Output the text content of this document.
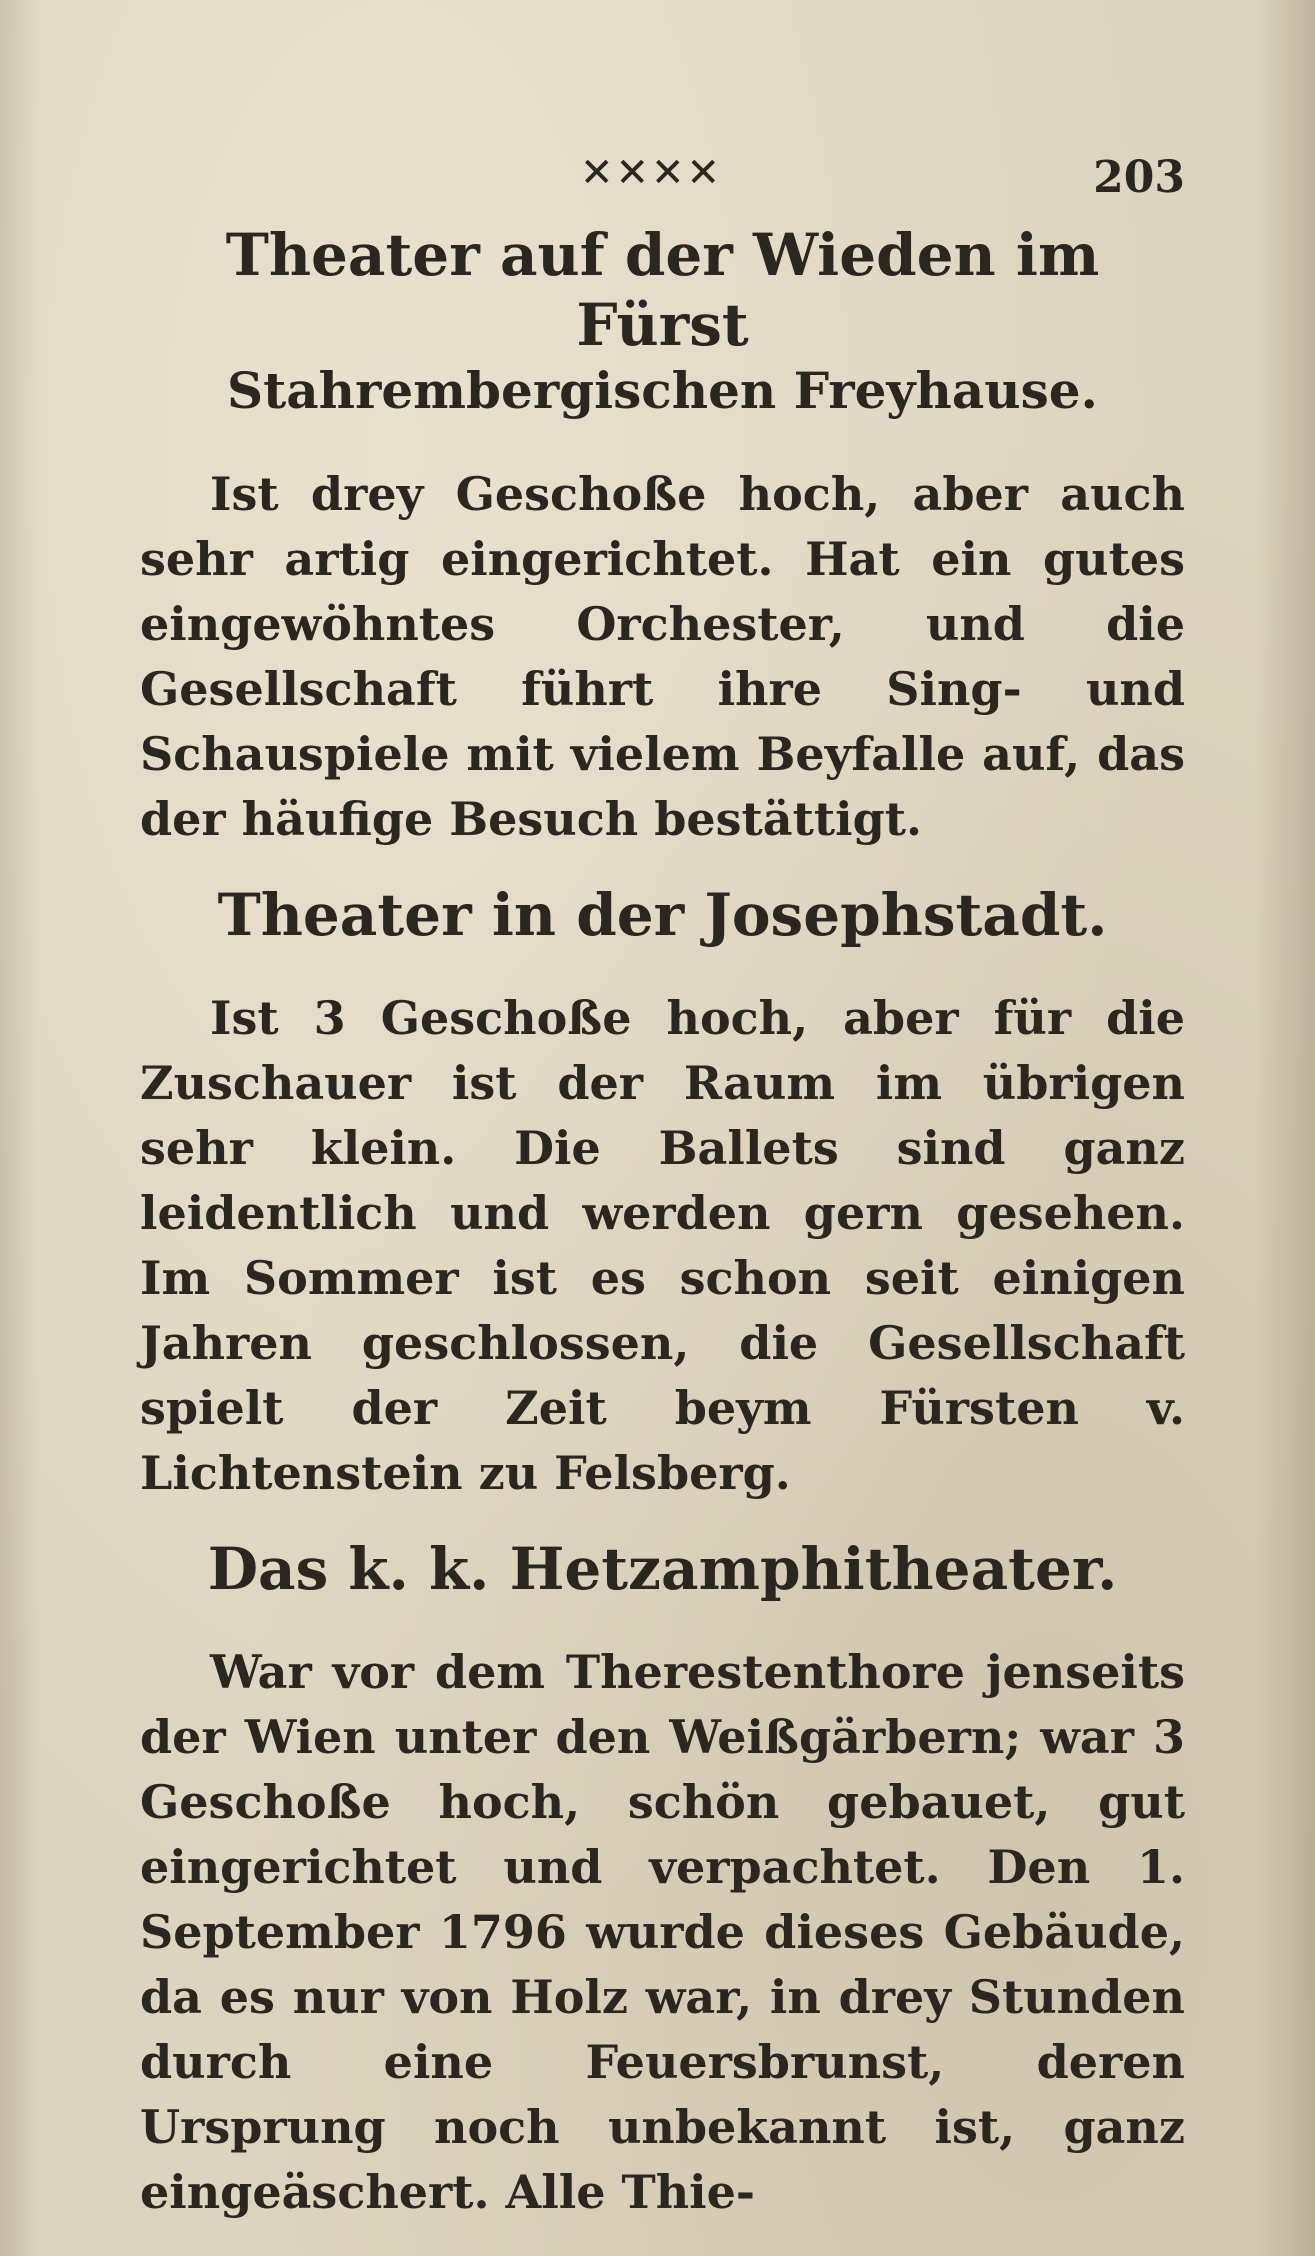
✕✕✕✕	203
Theater auf der Wieden im Fürst
Stahrembergischen Freyhause.

Ist drey Geschoße hoch, aber auch sehr artig eingerichtet. Hat ein gutes eingewöhntes Orchester, und die Gesellschaft führt ihre Sing- und Schauspiele mit vielem Beyfalle auf, das der häufige Besuch bestättigt.

Theater in der Josephstadt.

Ist 3 Geschoße hoch, aber für die Zuschauer ist der Raum im übrigen sehr klein. Die Ballets sind ganz leidentlich und werden gern gesehen. Im Sommer ist es schon seit einigen Jahren geschlossen, die Gesellschaft spielt der Zeit beym Fürsten v. Lichtenstein zu Felsberg.

Das k. k. Hetzamphitheater.

War vor dem Therestenthore jenseits der Wien unter den Weißgärbern; war 3 Geschoße hoch, schön gebauet, gut eingerichtet und verpachtet. Den 1. September 1796 wurde dieses Gebäude, da es nur von Holz war, in drey Stunden durch eine Feuersbrunst, deren Ursprung noch unbekannt ist, ganz eingeäschert. Alle Thie-
